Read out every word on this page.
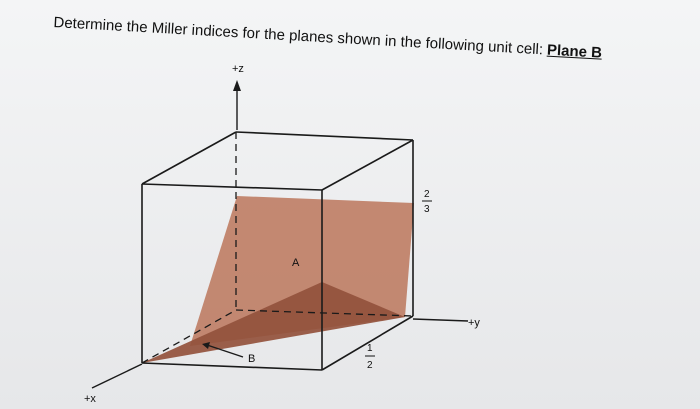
Determine the Miller indices for the planes shown in the following unit cell: Plane B
+z
+y
+x
A
B
2
3
1
2
